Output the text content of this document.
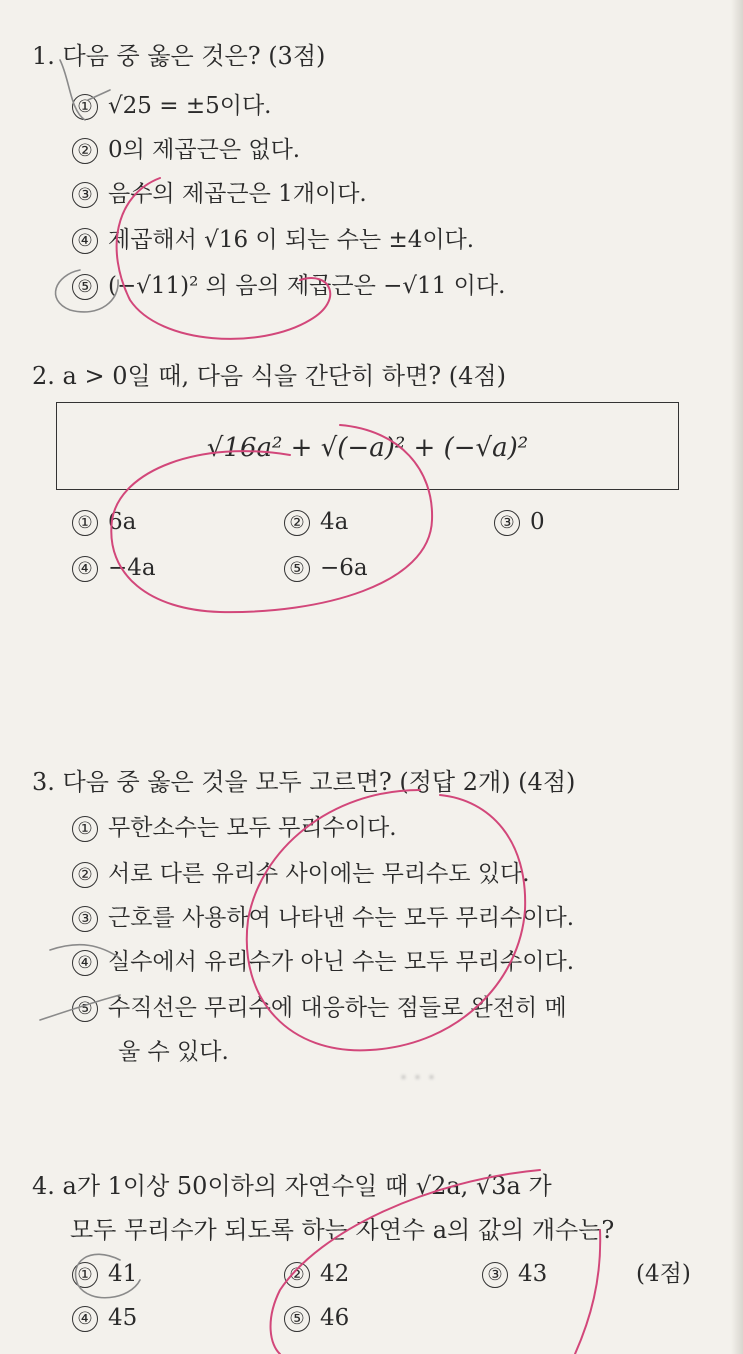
1. 다음 중 옳은 것은? (3점)
① √25 = ±5이다.
② 0의 제곱근은 없다.
③ 음수의 제곱근은 1개이다.
④ 제곱해서 √16 이 되는 수는 ±4이다.
⑤ (−√11)² 의 음의 제곱근은 −√11 이다.
2. a > 0일 때, 다음 식을 간단히 하면? (4점)
√16a² + √(−a)² + (−√a)²
① 6a	② 4a	③ 0
④ −4a	⑤ −6a
3. 다음 중 옳은 것을 모두 고르면? (정답 2개) (4점)
① 무한소수는 모두 무리수이다.
② 서로 다른 유리수 사이에는 무리수도 있다.
③ 근호를 사용하여 나타낸 수는 모두 무리수이다.
④ 실수에서 유리수가 아닌 수는 모두 무리수이다.
⑤ 수직선은 무리수에 대응하는 점들로 완전히 메
울 수 있다.
· · ·
4. a가 1이상 50이하의 자연수일 때 √2a, √3a 가
모두 무리수가 되도록 하는 자연수 a의 값의 개수는?
① 41	② 42	③ 43	(4점)
④ 45	⑤ 46
